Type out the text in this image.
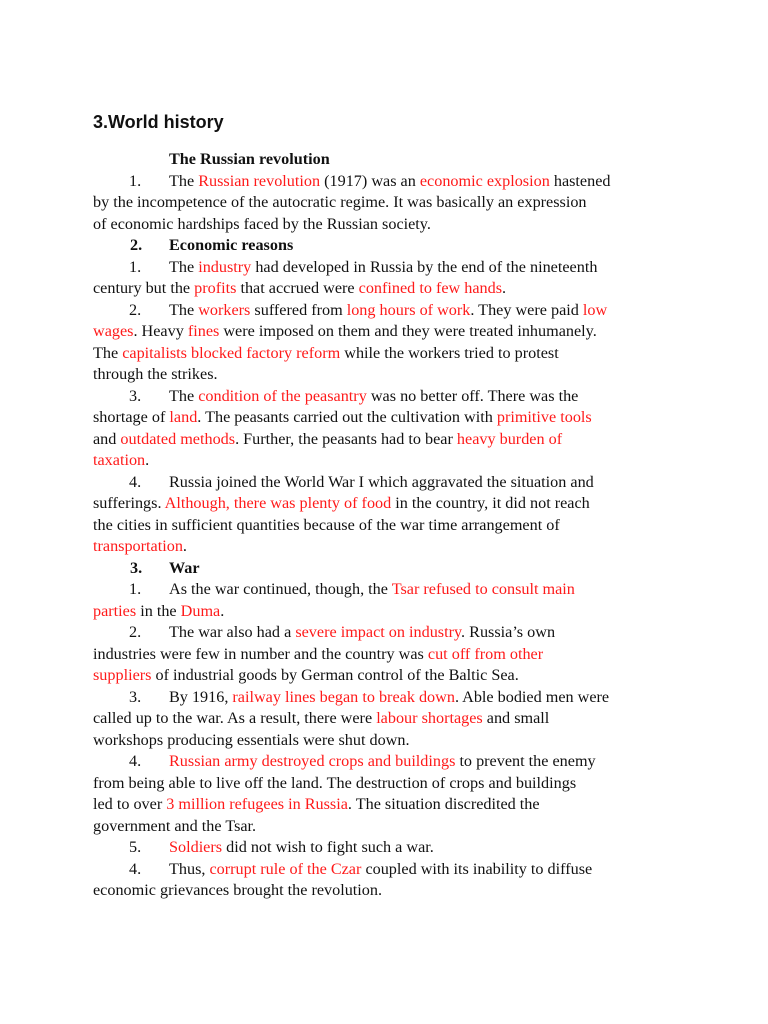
3.World history
The Russian revolution
1. The Russian revolution (1917) was an economic explosion hastened
by the incompetence of the autocratic regime. It was basically an expression
of economic hardships faced by the Russian society.
2. Economic reasons
1. The industry had developed in Russia by the end of the nineteenth
century but the profits that accrued were confined to few hands.
2. The workers suffered from long hours of work. They were paid low
wages. Heavy fines were imposed on them and they were treated inhumanely.
The capitalists blocked factory reform while the workers tried to protest
through the strikes.
3. The condition of the peasantry was no better off. There was the
shortage of land. The peasants carried out the cultivation with primitive tools
and outdated methods. Further, the peasants had to bear heavy burden of
taxation.
4. Russia joined the World War I which aggravated the situation and
sufferings. Although, there was plenty of food in the country, it did not reach
the cities in sufficient quantities because of the war time arrangement of
transportation.
3. War
1. As the war continued, though, the Tsar refused to consult main
parties in the Duma.
2. The war also had a severe impact on industry. Russia’s own
industries were few in number and the country was cut off from other
suppliers of industrial goods by German control of the Baltic Sea.
3. By 1916, railway lines began to break down. Able bodied men were
called up to the war. As a result, there were labour shortages and small
workshops producing essentials were shut down.
4. Russian army destroyed crops and buildings to prevent the enemy
from being able to live off the land. The destruction of crops and buildings
led to over 3 million refugees in Russia. The situation discredited the
government and the Tsar.
5. Soldiers did not wish to fight such a war.
4. Thus, corrupt rule of the Czar coupled with its inability to diffuse
economic grievances brought the revolution.
